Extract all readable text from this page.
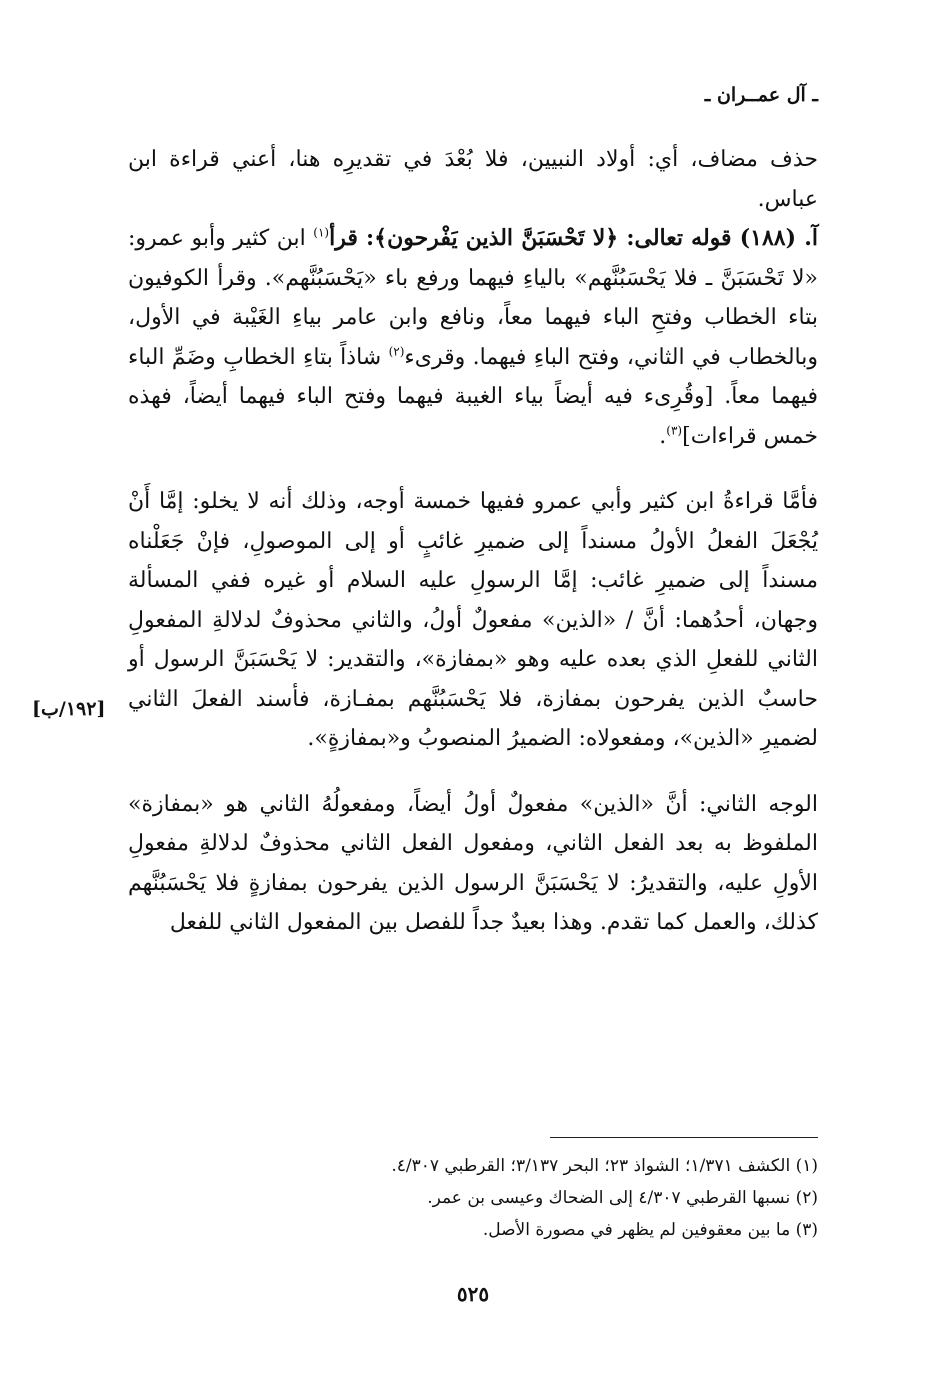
ـ آل عمــران ـ

حذف مضاف، أي: أولاد النبيين، فلا بُعْدَ في تقديرِه هنا، أعني قراءة ابن عباس.

آ. (١٨٨) قوله تعالى: ﴿لا تَحْسَبَنَّ الذين يَفْرحون﴾: قرأ$^{(١)}$ ابن كثير وأبو عمرو: «لا تَحْسَبَنَّ ـ فلا يَحْسَبُنَّهم» بالياءِ فيهما ورفع باء «يَحْسَبُنَّهم». وقرأ الكوفيون بتاء الخطاب وفتحِ الباء فيهما معاً، ونافع وابن عامر بياءِ الغَيْبة في الأول، وبالخطاب في الثاني، وفتح الباءِ فيهما. وقرىء$^{(٢)}$ شاذاً بتاءِ الخطابِ وضَمِّ الباء فيهما معاً. [وقُرِىء فيه أيضاً بياء الغيبة فيهما وفتح الباء فيهما أيضاً، فهذه خمس قراءات]$^{(٣)}$.

فأمَّا قراءةُ ابن كثير وأبي عمرو ففيها خمسة أوجه، وذلك أنه لا يخلو: إمَّا أَنْ يُجْعَلَ الفعلُ الأولُ مسنداً إلى ضميرِ غائبٍ أو إلى الموصولِ، فإنْ جَعَلْناه مسنداً إلى ضميرِ غائب: إمَّا الرسولِ عليه السلام أو غيره ففي المسألة وجهان، أحدُهما: أنَّ / «الذين» مفعولٌ أولُ، والثاني محذوفٌ لدلالةِ المفعولِ الثاني للفعلِ الذي بعده عليه وهو «بمفازة»، والتقدير: لا يَحْسَبَنَّ الرسول أو حاسبٌ الذين يفرحون بمفازة، فلا يَحْسَبُنَّهم بمفـازة، فأسند الفعلَ الثاني لضميرِ «الذين»، ومفعولاه: الضميرُ المنصوبُ و«بمفازةٍ».

الوجه الثاني: أنَّ «الذين» مفعولٌ أولُ أيضاً، ومفعولُهُ الثاني هو «بمفازة» الملفوظ به بعد الفعل الثاني، ومفعول الفعل الثاني محذوفٌ لدلالةِ مفعولِ الأولِ عليه، والتقديرُ: لا يَحْسَبَنَّ الرسول الذين يفرحون بمفازةٍ فلا يَحْسَبُنَّهم كذلك، والعمل كما تقدم. وهذا بعيدٌ جداً للفصل بين المفعول الثاني للفعل

[١٩٢/ب]
(١) الكشف ١/٣٧١؛ الشواذ ٢٣؛ البحر ٣/١٣٧؛ القرطبي ٤/٣٠٧.
(٢) نسبها القرطبي ٤/٣٠٧ إلى الضحاك وعيسى بن عمر.
(٣) ما بين معقوفين لم يظهر في مصورة الأصل.
٥٢٥
